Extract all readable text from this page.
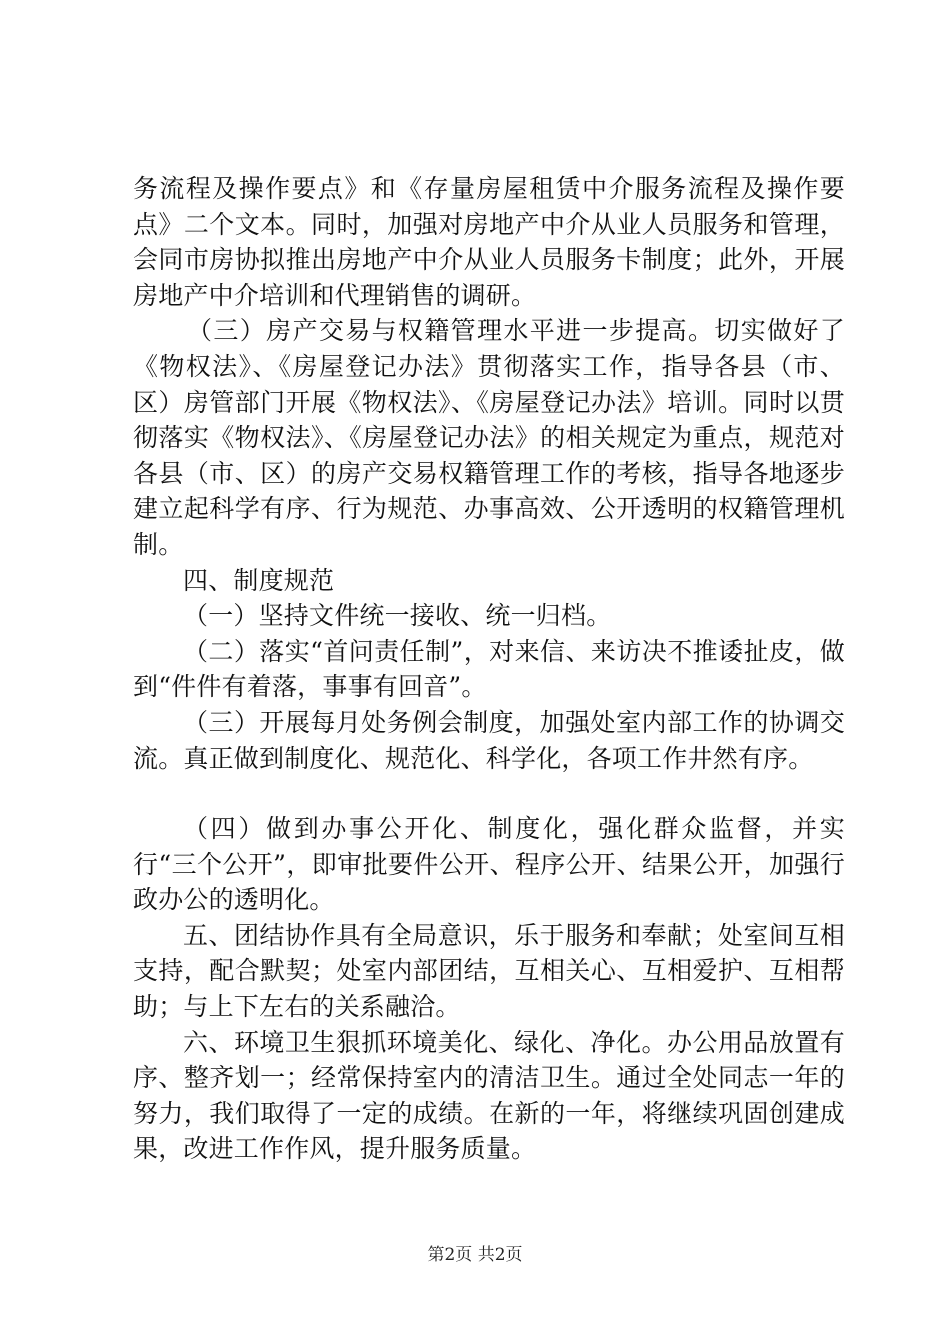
务流程及操作要点》和《存量房屋租赁中介服务流程及操作要点》二个文本。同时，加强对房地产中介从业人员服务和管理，会同市房协拟推出房地产中介从业人员服务卡制度；此外，开展房地产中介培训和代理销售的调研。

（三）房产交易与权籍管理水平进一步提高。切实做好了《物权法》、《房屋登记办法》贯彻落实工作，指导各县（市、区）房管部门开展《物权法》、《房屋登记办法》培训。同时以贯彻落实《物权法》、《房屋登记办法》的相关规定为重点，规范对各县（市、区）的房产交易权籍管理工作的考核，指导各地逐步建立起科学有序、行为规范、办事高效、公开透明的权籍管理机制。

四、制度规范

（一）坚持文件统一接收、统一归档。

（二）落实“首问责任制”，对来信、来访决不推诿扯皮，做到“件件有着落，事事有回音”。

（三）开展每月处务例会制度，加强处室内部工作的协调交流。真正做到制度化、规范化、科学化，各项工作井然有序。

（四）做到办事公开化、制度化，强化群众监督，并实行“三个公开”，即审批要件公开、程序公开、结果公开，加强行政办公的透明化。

五、团结协作具有全局意识，乐于服务和奉献；处室间互相支持，配合默契；处室内部团结，互相关心、互相爱护、互相帮助；与上下左右的关系融洽。

六、环境卫生狠抓环境美化、绿化、净化。办公用品放置有序、整齐划一；经常保持室内的清洁卫生。通过全处同志一年的努力，我们取得了一定的成绩。在新的一年，将继续巩固创建成果，改进工作作风，提升服务质量。

第2页 共2页
